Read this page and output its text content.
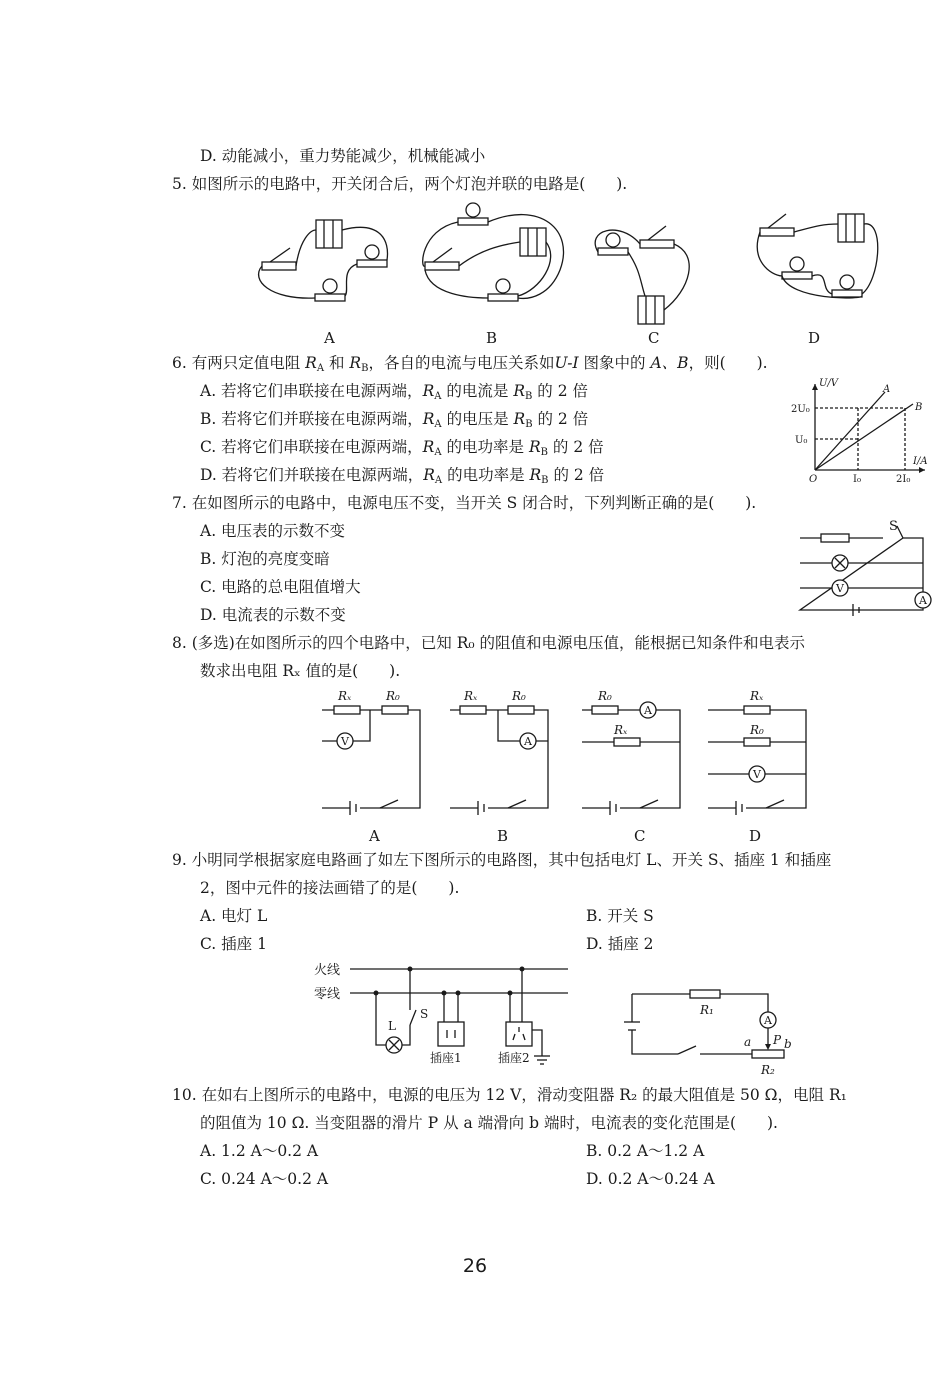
D. 动能减小，重力势能减少，机械能减小
5. 如图所示的电路中，开关闭合后，两个灯泡并联的电路是(　　).
A	B	C	D
6. 有两只定值电阻 $R_A$ 和 $R_B$，各自的电流与电压关系如U-I 图象中的 A、B，则(　　).
A. 若将它们串联接在电源两端，$R_A$ 的电流是 $R_B$ 的 2 倍
B. 若将它们并联接在电源两端，$R_A$ 的电压是 $R_B$ 的 2 倍
C. 若将它们串联接在电源两端，$R_A$ 的电功率是 $R_B$ 的 2 倍
D. 若将它们并联接在电源两端，$R_A$ 的电功率是 $R_B$ 的 2 倍
U/V
I/A
O
2U₀
U₀
I₀	2I₀
A
B
7. 在如图所示的电路中，电源电压不变，当开关 S 闭合时，下列判断正确的是(　　).
A. 电压表的示数不变
B. 灯泡的亮度变暗
C. 电路的总电阻值增大
D. 电流表的示数不变
V
A
S
8. (多选)在如图所示的四个电路中，已知 R₀ 的阻值和电源电压值，能根据已知条件和电表示
数求出电阻 Rₓ 值的是(　　).
V
Rₓ	R₀
A
Rₓ	R₀
A
R₀
Rₓ
V
Rₓ
R₀
A	B	C	D
9. 小明同学根据家庭电路画了如左下图所示的电路图，其中包括电灯 L、开关 S、插座 1 和插座
2，图中元件的接法画错了的是(　　).
A. 电灯 L	B. 开关 S
C. 插座 1	D. 插座 2
火线
零线
L
S
插座1	插座2
R₁
A
a P b
R₂
10. 在如右上图所示的电路中，电源的电压为 12 V，滑动变阻器 R₂ 的最大阻值是 50 Ω，电阻 R₁
的阻值为 10 Ω. 当变阻器的滑片 P 从 a 端滑向 b 端时，电流表的变化范围是(　　).
A. 1.2 A～0.2 A	B. 0.2 A～1.2 A
C. 0.24 A～0.2 A	D. 0.2 A～0.24 A
26
